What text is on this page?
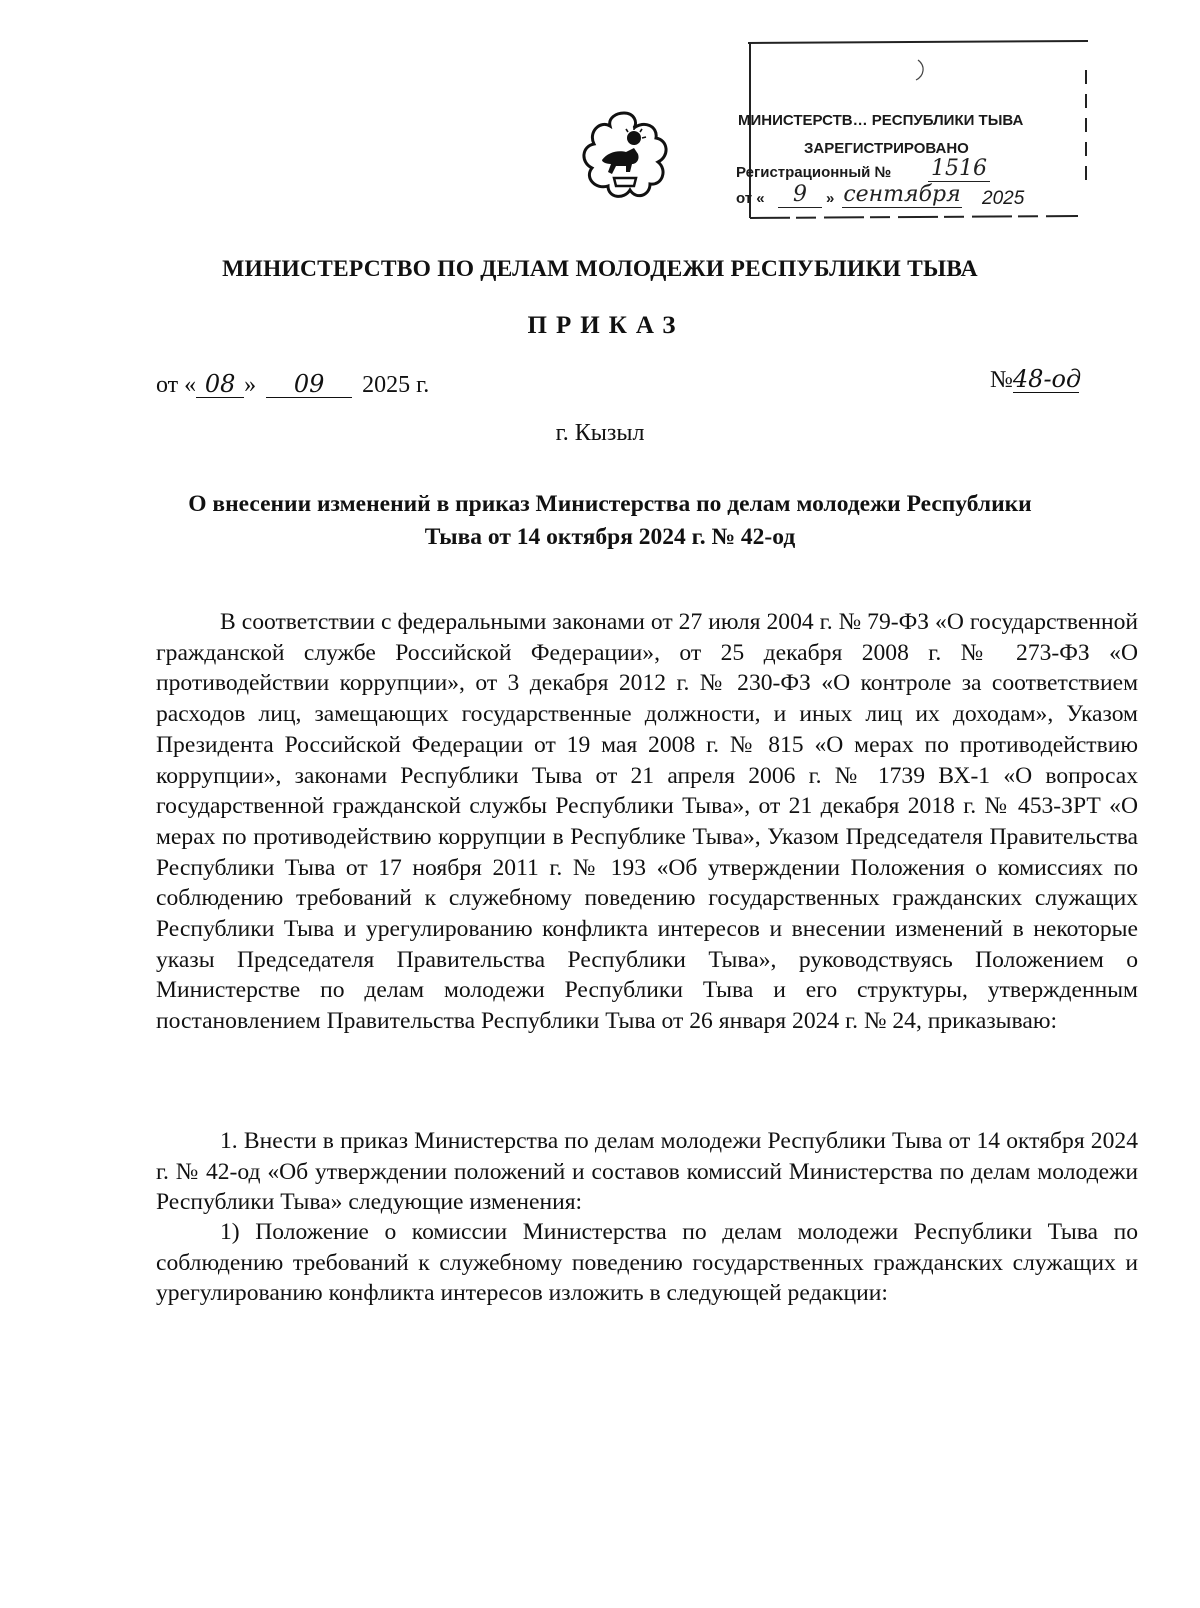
МИНИСТЕРСТВ… РЕСПУБЛИКИ ТЫВА
ЗАРЕГИСТРИРОВАНО
Регистрационный № 1516
от «	9	» сентября 2025
МИНИСТЕРСТВО ПО ДЕЛАМ МОЛОДЕЖИ РЕСПУБЛИКИ ТЫВА
ПРИКАЗ
от « 08 » 09 2025 г.	№48-од
г. Кызыл
О внесении изменений в приказ Министерства по делам молодежи Республики
Тыва от 14 октября 2024 г. № 42-од

В соответствии с федеральными законами от 27 июля 2004 г. № 79-ФЗ «О государственной гражданской службе Российской Федерации», от 25 декабря 2008 г. № 273-ФЗ «О противодействии коррупции», от 3 декабря 2012 г. № 230-ФЗ «О контроле за соответствием расходов лиц, замещающих государственные должности, и иных лиц их доходам», Указом Президента Российской Федерации от 19 мая 2008 г. № 815 «О мерах по противодействию коррупции», законами Республики Тыва от 21 апреля 2006 г. № 1739 ВХ-1 «О вопросах государственной гражданской службы Республики Тыва», от 21 декабря 2018 г. № 453-ЗРТ «О мерах по противодействию коррупции в Республике Тыва», Указом Председателя Правительства Республики Тыва от 17 ноября 2011 г. № 193 «Об утверждении Положения о комиссиях по соблюдению требований к служебному поведению государственных гражданских служащих Республики Тыва и урегулированию конфликта интересов и внесении изменений в некоторые указы Председателя Правительства Республики Тыва», руководствуясь Положением о Министерстве по делам молодежи Республики Тыва и его структуры, утвержденным постановлением Правительства Республики Тыва от 26 января 2024 г. № 24, приказываю:

1. Внести в приказ Министерства по делам молодежи Республики Тыва от 14 октября 2024 г. № 42-од «Об утверждении положений и составов комиссий Министерства по делам молодежи Республики Тыва» следующие изменения:

1) Положение о комиссии Министерства по делам молодежи Республики Тыва по соблюдению требований к служебному поведению государственных гражданских служащих и урегулированию конфликта интересов изложить в следующей редакции:
